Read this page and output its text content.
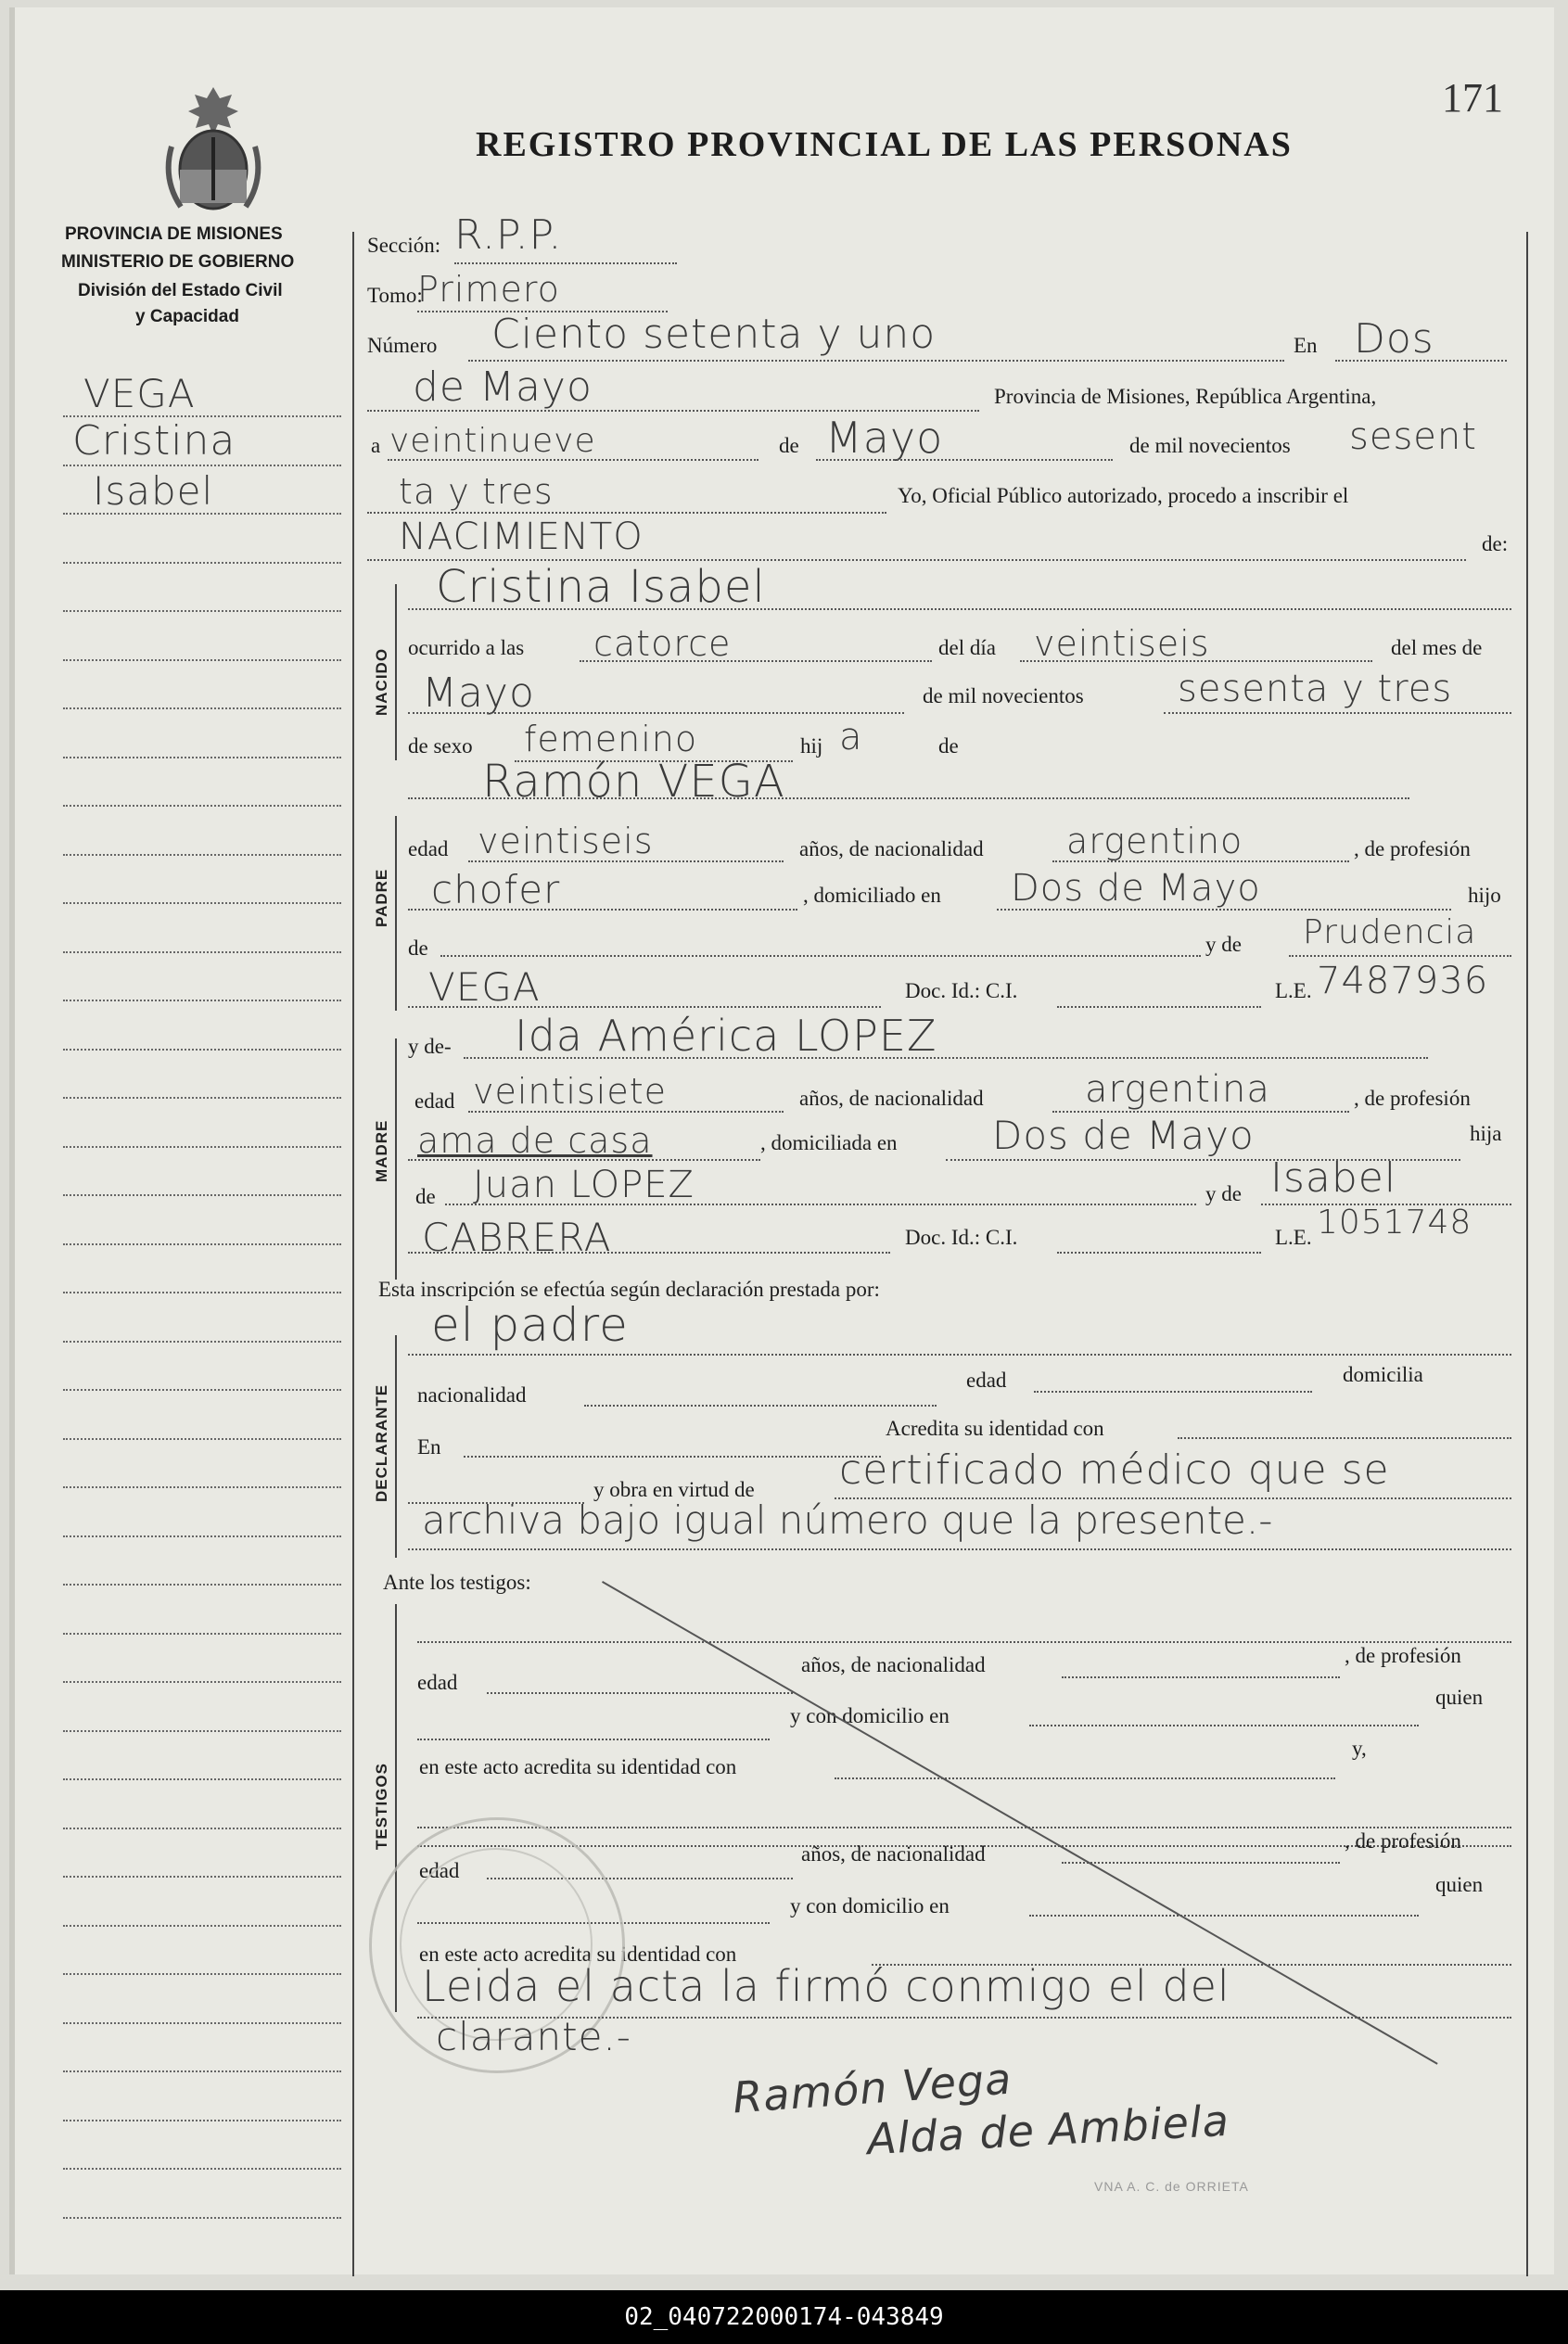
171
REGISTRO PROVINCIAL DE LAS PERSONAS
PROVINCIA DE MISIONES
MINISTERIO DE GOBIERNO
División del Estado Civil
y Capacidad
VEGA
Cristina
Isabel
Sección: R.P.P.
Tomo:
Primero
Número Ciento setenta y uno	En Dos
de Mayo	Provincia de Misiones, República Argentina,
a veintinueve	de Mayo	de mil novecientos sesent
ta y tres	Yo, Oficial Público autorizado, procedo a inscribir el
NACIMIENTO	de:
NACIDO
Cristina Isabel
ocurrido a las catorce	del día veintiseis	del mes de
Mayo	de mil novecientos	sesenta y tres
de sexo femenino	hij a	de
PADRE
Ramón VEGA
edad veintiseis	años, de nacionalidad argentino	, de profesión
chofer	, domiciliado en Dos de Mayo	hijo
de	y de Prudencia
VEGA	Doc. Id.: C.I.	L.E. 7487936
y de- Ida América LOPEZ
MADRE
edad veintisiete	años, de nacionalidad	argentina	, de profesión
ama de casa	, domiciliada en Dos de Mayo	hija
de Juan LOPEZ	y de Isabel
CABRERA	Doc. Id.: C.I.	L.E. 1051748
Esta inscripción se efectúa según declaración prestada por:
el padre
DECLARANTE nacionalidad
edad	domicilia
En
Acredita su identidad con
y obra en virtud de certificado médico que se
archiva bajo igual número que la presente.-
Ante los testigos:
TESTIGOS
edad
años, de nacionalidad	, de profesión
y con domicilio en
quien
en este acto acredita su identidad con
y,
edad
años, de nacionalidad
, de profesión
y con domicilio en
quien
en este acto acredita su identidad con
Leida el acta la firmó conmigo el del
clarante.-
Ramón Vega
Alda de Ambiela
VNA A. C. de ORRIETA
02_040722000174-043849
